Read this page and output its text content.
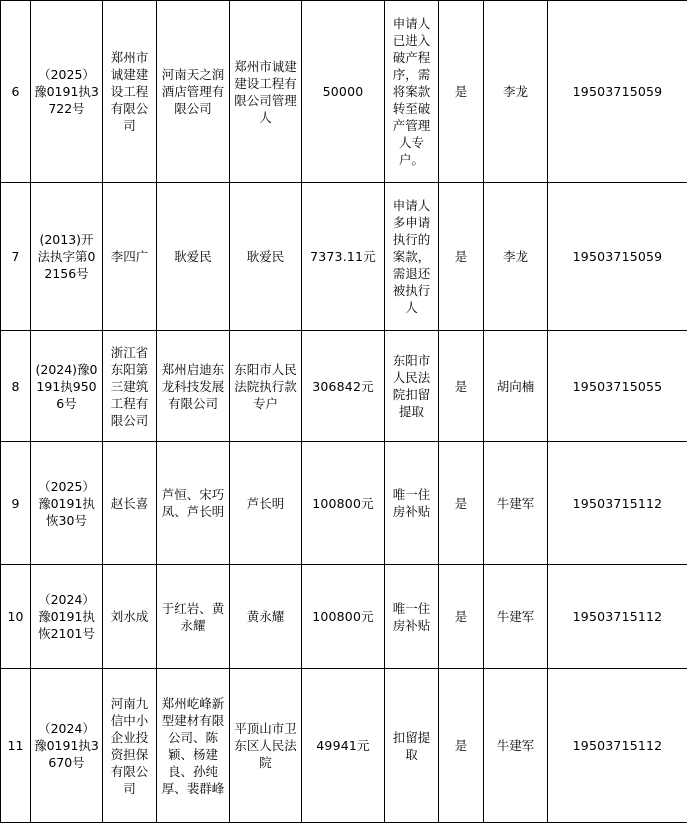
6	（2025）豫0191执3722号	郑州市诚建建设工程有限公司	河南天之润酒店管理有限公司	郑州市诚建建设工程有限公司管理人	50000	申请人已进入破产程序，需将案款转至破产管理人专户。	是	李龙	19503715059
7	(2013)开法执字第02156号	李四广	耿爱民	耿爱民	7373.11元	申请人多申请执行的案款，需退还被执行人	是	李龙	19503715059
8	(2024)豫0191执9506号	浙江省东阳第三建筑工程有限公司	郑州启迪东龙科技发展有限公司	东阳市人民法院执行款专户	306842元	东阳市人民法院扣留提取	是	胡向楠	19503715055
9	（2025）豫0191执恢30号	赵长喜	芦恒、宋巧凤、芦长明	芦长明	100800元	唯一住房补贴	是	牛建军	19503715112
10	（2024）豫0191执恢2101号	刘水成	于红岩、黄永耀	黄永耀	100800元	唯一住房补贴	是	牛建军	19503715112
11	（2024）豫0191执3670号	河南九信中小企业投资担保有限公司	郑州屹峰新型建材有限公司、陈颖、杨建良、孙纯厚、裴群峰	平顶山市卫东区人民法院	49941元	扣留提取	是	牛建军	19503715112
